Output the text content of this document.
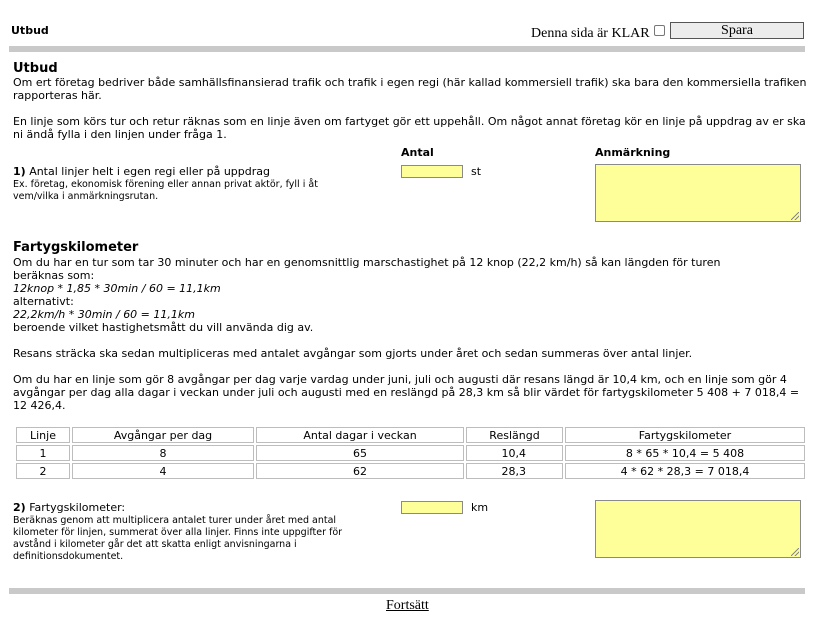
Utbud	Denna sida är KLAR	Spara
Utbud
Om ert företag bedriver både samhällsfinansierad trafik och trafik i egen regi (här kallad kommersiell trafik) ska bara den kommersiella trafiken rapporteras här.
En linje som körs tur och retur räknas som en linje även om fartyget gör ett uppehåll. Om något annat företag kör en linje på uppdrag av er ska ni ändå fylla i den linjen under fråga 1.
Antal	Anmärkning
1) Antal linjer helt i egen regi eller på uppdrag
Ex. företag, ekonomisk förening eller annan privat aktör, fyll i åt vem/vilka i anmärkningsrutan.
st
Fartygskilometer
Om du har en tur som tar 30 minuter och har en genomsnittlig marschastighet på 12 knop (22,2 km/h) så kan längden för turen beräknas som:
12knop * 1,85 * 30min / 60 = 11,1km
alternativt:
22,2km/h * 30min / 60 = 11,1km
beroende vilket hastighetsmått du vill använda dig av.
Resans sträcka ska sedan multipliceras med antalet avgångar som gjorts under året och sedan summeras över antal linjer.
Om du har en linje som gör 8 avgångar per dag varje vardag under juni, juli och augusti där resans längd är 10,4 km, och en linje som gör 4 avgångar per dag alla dagar i veckan under juli och augusti med en reslängd på 28,3 km så blir värdet för fartygskilometer 5 408 + 7 018,4 = 12 426,4.
Linje	Avgångar per dag	Antal dagar i veckan	Reslängd	Fartygskilometer
1	8	65	10,4	8 * 65 * 10,4 = 5 408
2	4	62	28,3	4 * 62 * 28,3 = 7 018,4
2) Fartygskilometer:
Beräknas genom att multiplicera antalet turer under året med antal kilometer för linjen, summerat över alla linjer. Finns inte uppgifter för avstånd i kilometer går det att skatta enligt anvisningarna i definitionsdokumentet.
km
Fortsätt
